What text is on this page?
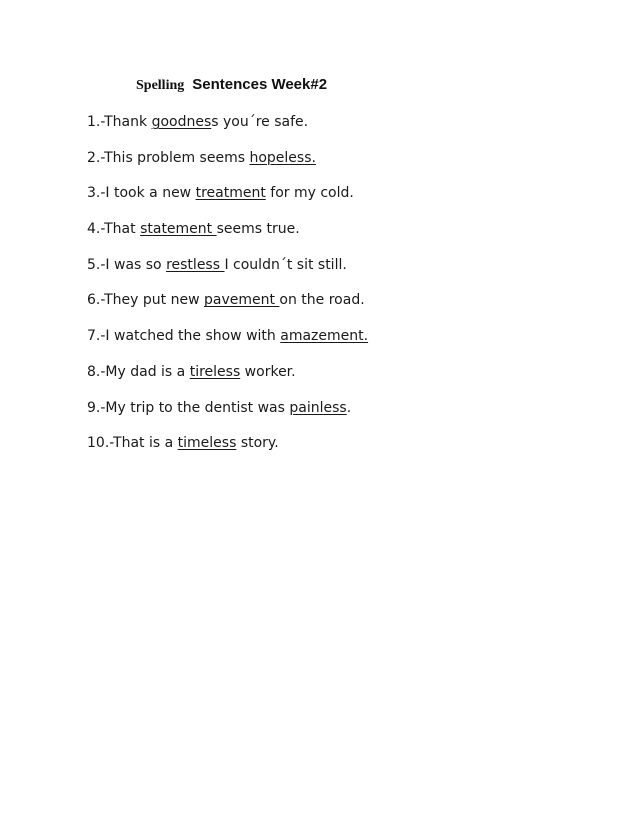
Spelling Sentences Week#2
1.-Thank goodness you´re safe.
2.-This problem seems hopeless.
3.-I took a new treatment for my cold.
4.-That statement seems true.
5.-I was so restless I couldn´t sit still.
6.-They put new pavement on the road.
7.-I watched the show with amazement.
8.-My dad is a tireless worker.
9.-My trip to the dentist was painless.
10.-That is a timeless story.
